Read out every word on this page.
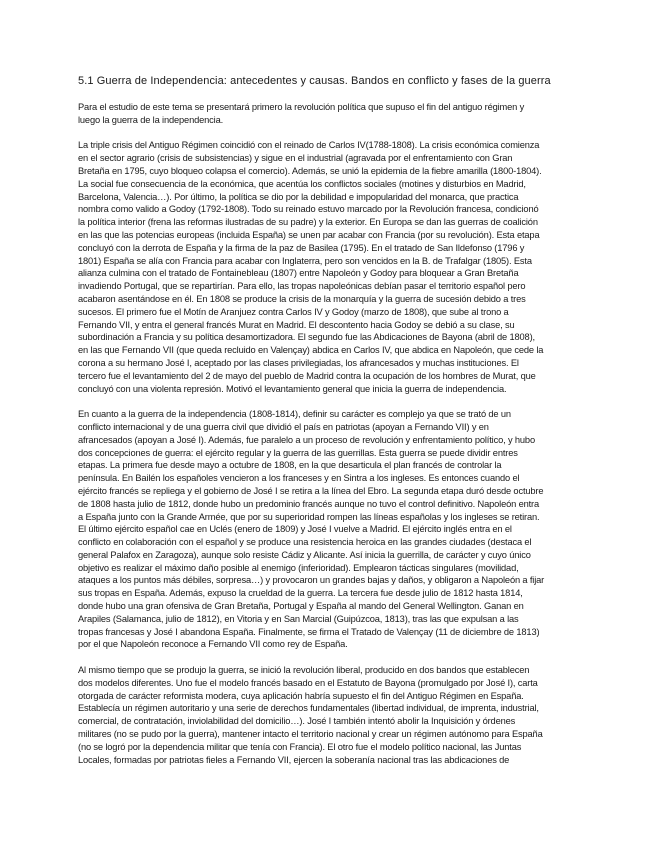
5.1 Guerra de Independencia: antecedentes y causas. Bandos en conflicto y fases de la guerra
Para el estudio de este tema se presentará primero la revolución política que supuso el fin del antiguo régimen y
luego la guerra de la independencia.
La triple crisis del Antiguo Régimen coincidió con el reinado de Carlos IV(1788-1808). La crisis económica comienza
en el sector agrario (crisis de subsistencias) y sigue en el industrial (agravada por el enfrentamiento con Gran
Bretaña en 1795, cuyo bloqueo colapsa el comercio). Además, se unió la epidemia de la fiebre amarilla (1800-1804).
La social fue consecuencia de la económica, que acentúa los conflictos sociales (motines y disturbios en Madrid,
Barcelona, Valencia…). Por último, la política se dio por la debilidad e impopularidad del monarca, que practica
nombra como valido a Godoy (1792-1808). Todo su reinado estuvo marcado por la Revolución francesa, condicionó
la política interior (frena las reformas ilustradas de su padre) y la exterior. En Europa se dan las guerras de coalición
en las que las potencias europeas (incluida España) se unen par acabar con Francia (por su revolución). Esta etapa
concluyó con la derrota de España y la firma de la paz de Basilea (1795). En el tratado de San Ildefonso (1796 y
1801) España se alía con Francia para acabar con Inglaterra, pero son vencidos en la B. de Trafalgar (1805). Esta
alianza culmina con el tratado de Fontainebleau (1807) entre Napoleón y Godoy para bloquear a Gran Bretaña
invadiendo Portugal, que se repartirían. Para ello, las tropas napoleónicas debían pasar el territorio español pero
acabaron asentándose en él. En 1808 se produce la crisis de la monarquía y la guerra de sucesión debido a tres
sucesos. El primero fue el Motín de Aranjuez contra Carlos IV y Godoy (marzo de 1808), que sube al trono a
Fernando VII, y entra el general francés Murat en Madrid. El descontento hacia Godoy se debió a su clase, su
subordinación a Francia y su política desamortizadora. El segundo fue las Abdicaciones de Bayona (abril de 1808),
en las que Fernando VII (que queda recluido en Valençay) abdica en Carlos IV, que abdica en Napoleón, que cede la
corona a su hermano José I, aceptado por las clases privilegiadas, los afrancesados y muchas instituciones. El
tercero fue el levantamiento del 2 de mayo del pueblo de Madrid contra la ocupación de los hombres de Murat, que
concluyó con una violenta represión. Motivó el levantamiento general que inicia la guerra de independencia.
En cuanto a la guerra de la independencia (1808-1814), definir su carácter es complejo ya que se trató de un
conflicto internacional y de una guerra civil que dividió el país en patriotas (apoyan a Fernando VII) y en
afrancesados (apoyan a José I). Además, fue paralelo a un proceso de revolución y enfrentamiento político, y hubo
dos concepciones de guerra: el ejército regular y la guerra de las guerrillas. Esta guerra se puede dividir entres
etapas. La primera fue desde mayo a octubre de 1808, en la que desarticula el plan francés de controlar la
península. En Bailén los españoles vencieron a los franceses y en Sintra a los ingleses. Es entonces cuando el
ejército francés se repliega y el gobierno de José I se retira a la línea del Ebro. La segunda etapa duró desde octubre
de 1808 hasta julio de 1812, donde hubo un predominio francés aunque no tuvo el control definitivo. Napoleón entra
a España junto con la Grande Armée, que por su superioridad rompen las líneas españolas y los ingleses se retiran.
El último ejército español cae en Uclés (enero de 1809) y José I vuelve a Madrid. El ejército inglés entra en el
conflicto en colaboración con el español y se produce una resistencia heroica en las grandes ciudades (destaca el
general Palafox en Zaragoza), aunque solo resiste Cádiz y Alicante. Así inicia la guerrilla, de carácter y cuyo único
objetivo es realizar el máximo daño posible al enemigo (inferioridad). Emplearon tácticas singulares (movilidad,
ataques a los puntos más débiles, sorpresa…) y provocaron un grandes bajas y daños, y obligaron a Napoleón a fijar
sus tropas en España. Además, expuso la crueldad de la guerra. La tercera fue desde julio de 1812 hasta 1814,
donde hubo una gran ofensiva de Gran Bretaña, Portugal y España al mando del General Wellington. Ganan en
Arapiles (Salamanca, julio de 1812), en Vitoria y en San Marcial (Guipúzcoa, 1813), tras las que expulsan a las
tropas francesas y José I abandona España. Finalmente, se firma el Tratado de Valençay (11 de diciembre de 1813)
por el que Napoleón reconoce a Fernando VII como rey de España.
Al mismo tiempo que se produjo la guerra, se inició la revolución liberal, producido en dos bandos que establecen
dos modelos diferentes. Uno fue el modelo francés basado en el Estatuto de Bayona (promulgado por José I), carta
otorgada de carácter reformista modera, cuya aplicación habría supuesto el fin del Antiguo Régimen en España.
Establecía un régimen autoritario y una serie de derechos fundamentales (libertad individual, de imprenta, industrial,
comercial, de contratación, inviolabilidad del domicilio…). José I también intentó abolir la Inquisición y órdenes
militares (no se pudo por la guerra), mantener intacto el territorio nacional y crear un régimen autónomo para España
(no se logró por la dependencia militar que tenía con Francia). El otro fue el modelo político nacional, las Juntas
Locales, formadas por patriotas fieles a Fernando VII, ejercen la soberanía nacional tras las abdicaciones de
